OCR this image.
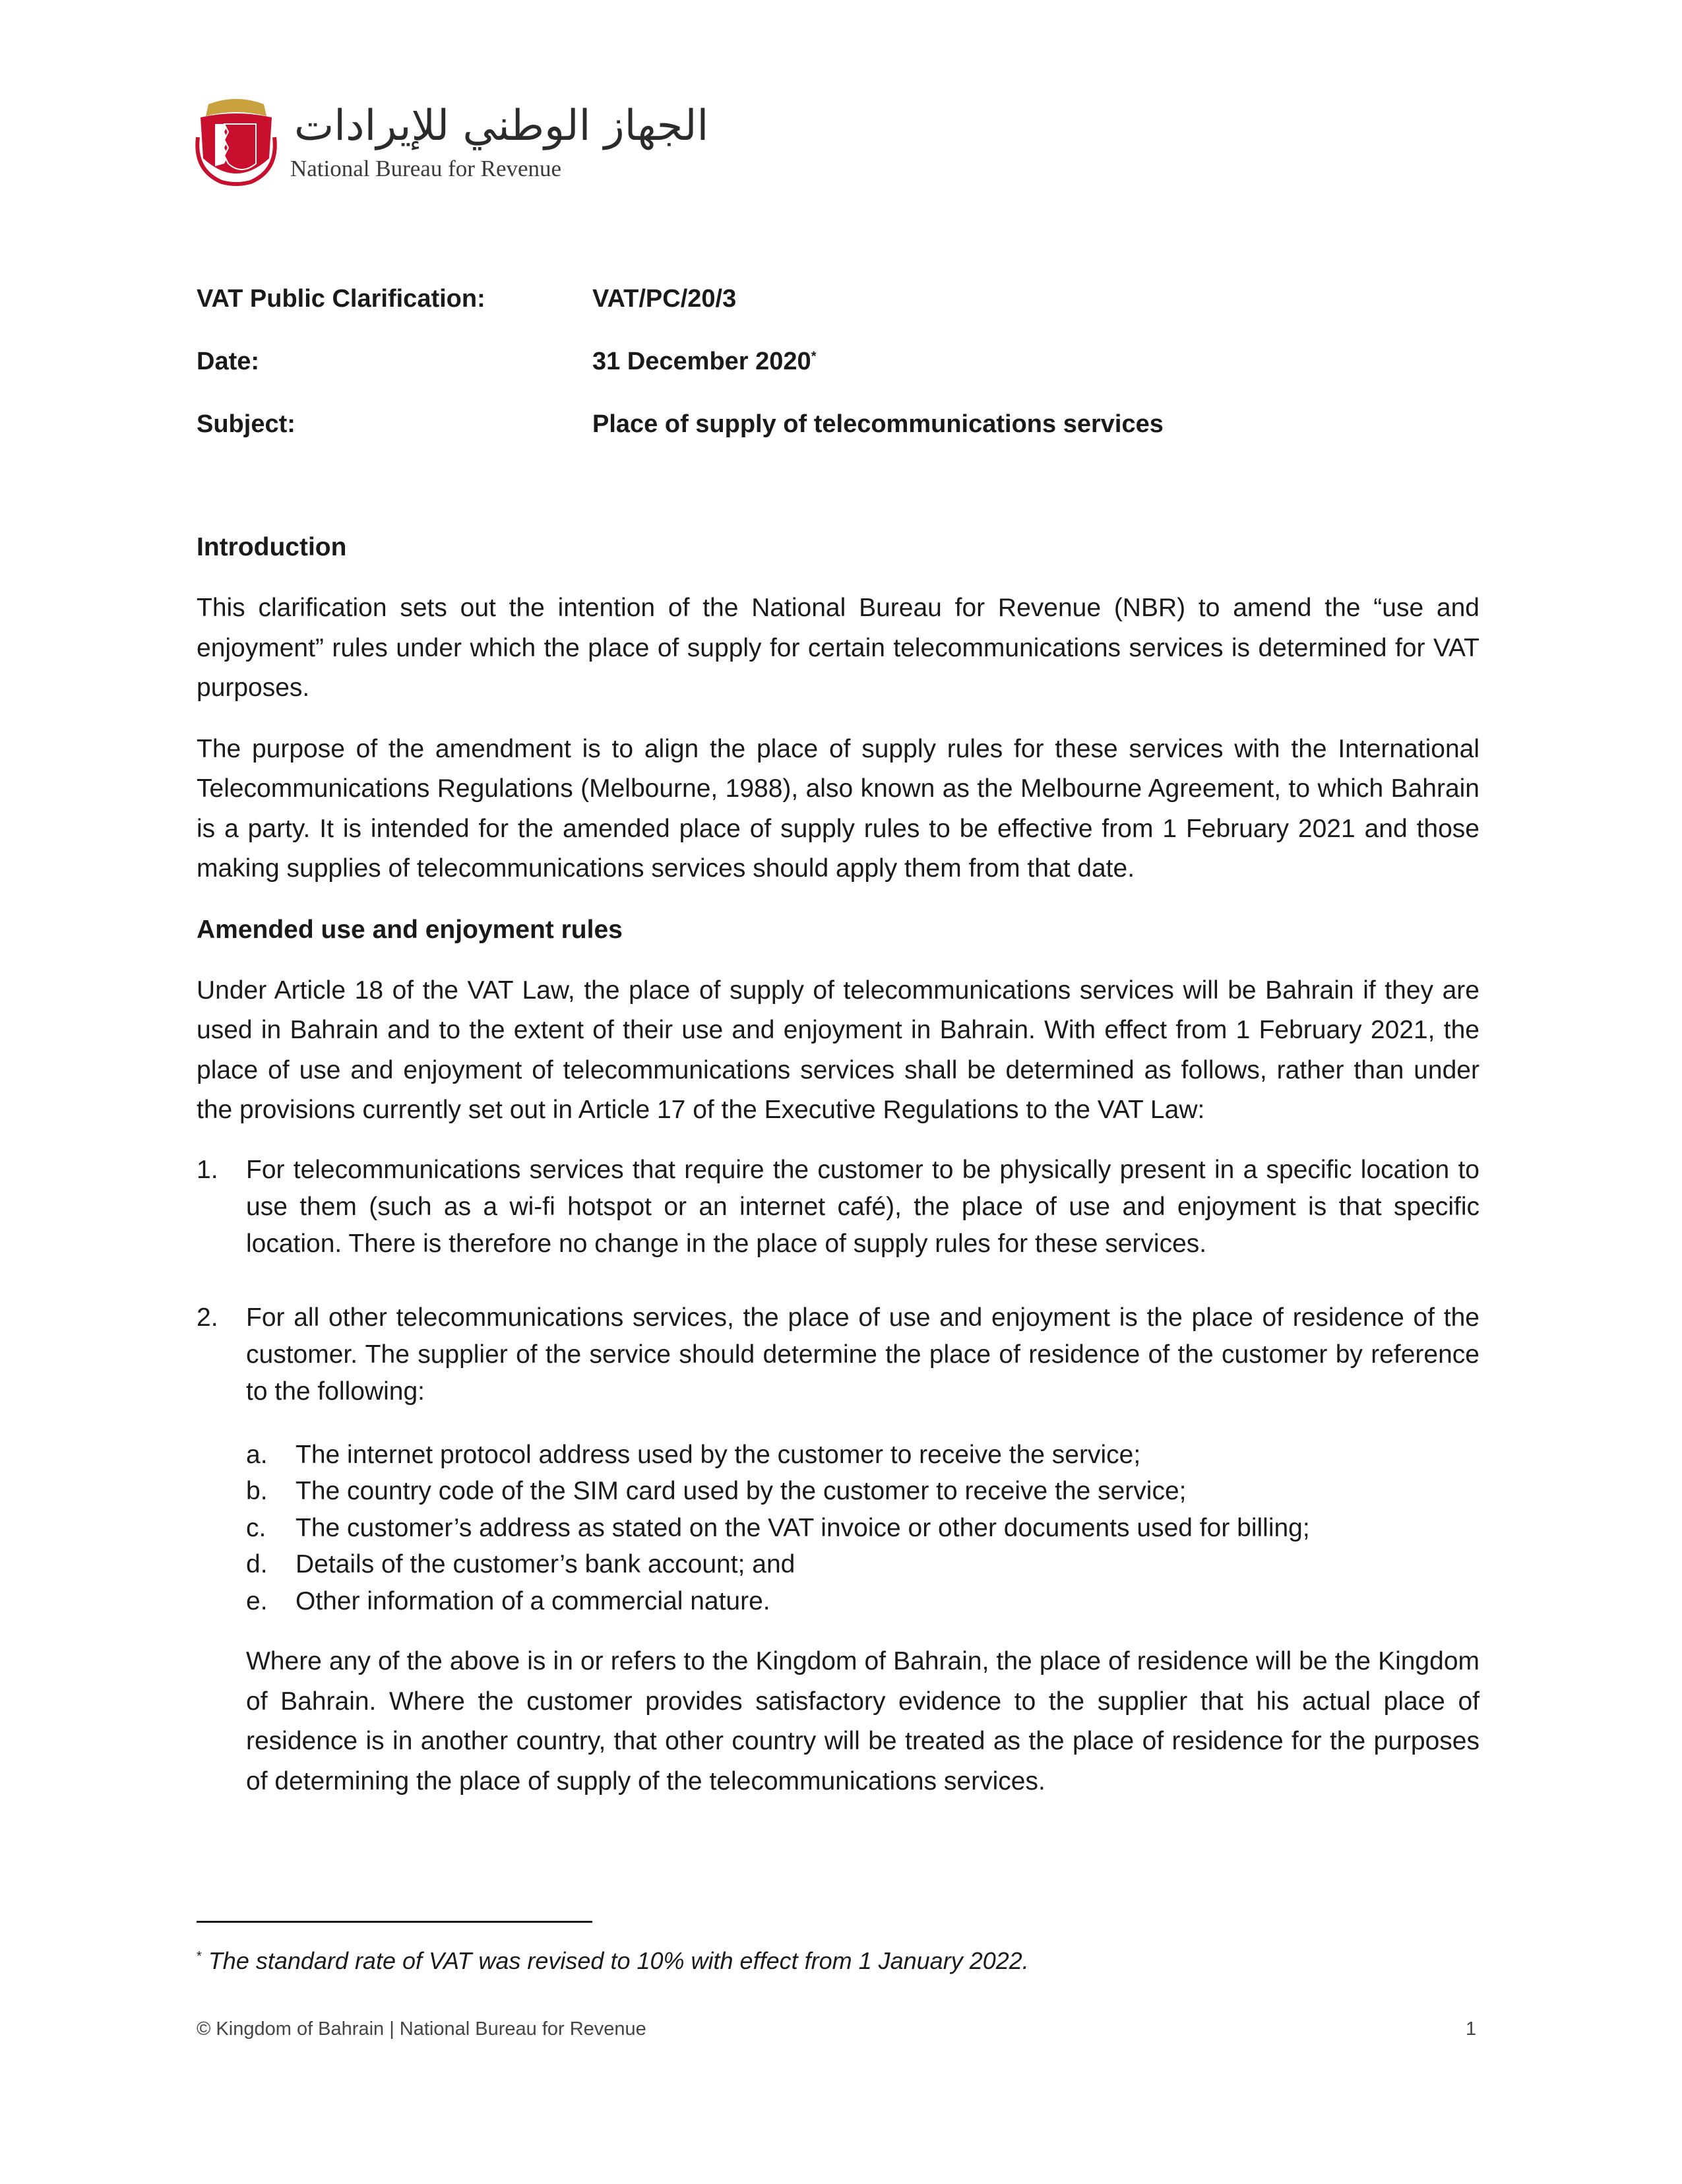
الجهاز الوطني للإيرادات
National Bureau for Revenue
VAT Public Clarification:	VAT/PC/20/3
Date:	31 December 2020*
Subject:	Place of supply of telecommunications services
Introduction

This clarification sets out the intention of the National Bureau for Revenue (NBR) to amend the “use and enjoyment” rules under which the place of supply for certain telecommunications services is determined for VAT purposes.

The purpose of the amendment is to align the place of supply rules for these services with the International Telecommunications Regulations (Melbourne, 1988), also known as the Melbourne Agreement, to which Bahrain is a party. It is intended for the amended place of supply rules to be effective from 1 February 2021 and those making supplies of telecommunications services should apply them from that date.

Amended use and enjoyment rules

Under Article 18 of the VAT Law, the place of supply of telecommunications services will be Bahrain if they are used in Bahrain and to the extent of their use and enjoyment in Bahrain. With effect from 1 February 2021, the place of use and enjoyment of telecommunications services shall be determined as follows, rather than under the provisions currently set out in Article 17 of the Executive Regulations to the VAT Law:

1. For telecommunications services that require the customer to be physically present in a specific location to use them (such as a wi-fi hotspot or an internet café), the place of use and enjoyment is that specific location. There is therefore no change in the place of supply rules for these services.
2. For all other telecommunications services, the place of use and enjoyment is the place of residence of the customer. The supplier of the service should determine the place of residence of the customer by reference to the following:
a. The internet protocol address used by the customer to receive the service;
b. The country code of the SIM card used by the customer to receive the service;
c. The customer’s address as stated on the VAT invoice or other documents used for billing;
d. Details of the customer’s bank account; and
e. Other information of a commercial nature.

Where any of the above is in or refers to the Kingdom of Bahrain, the place of residence will be the Kingdom of Bahrain. Where the customer provides satisfactory evidence to the supplier that his actual place of residence is in another country, that other country will be treated as the place of residence for the purposes of determining the place of supply of the telecommunications services.

* The standard rate of VAT was revised to 10% with effect from 1 January 2022.
© Kingdom of Bahrain | National Bureau for Revenue	1
